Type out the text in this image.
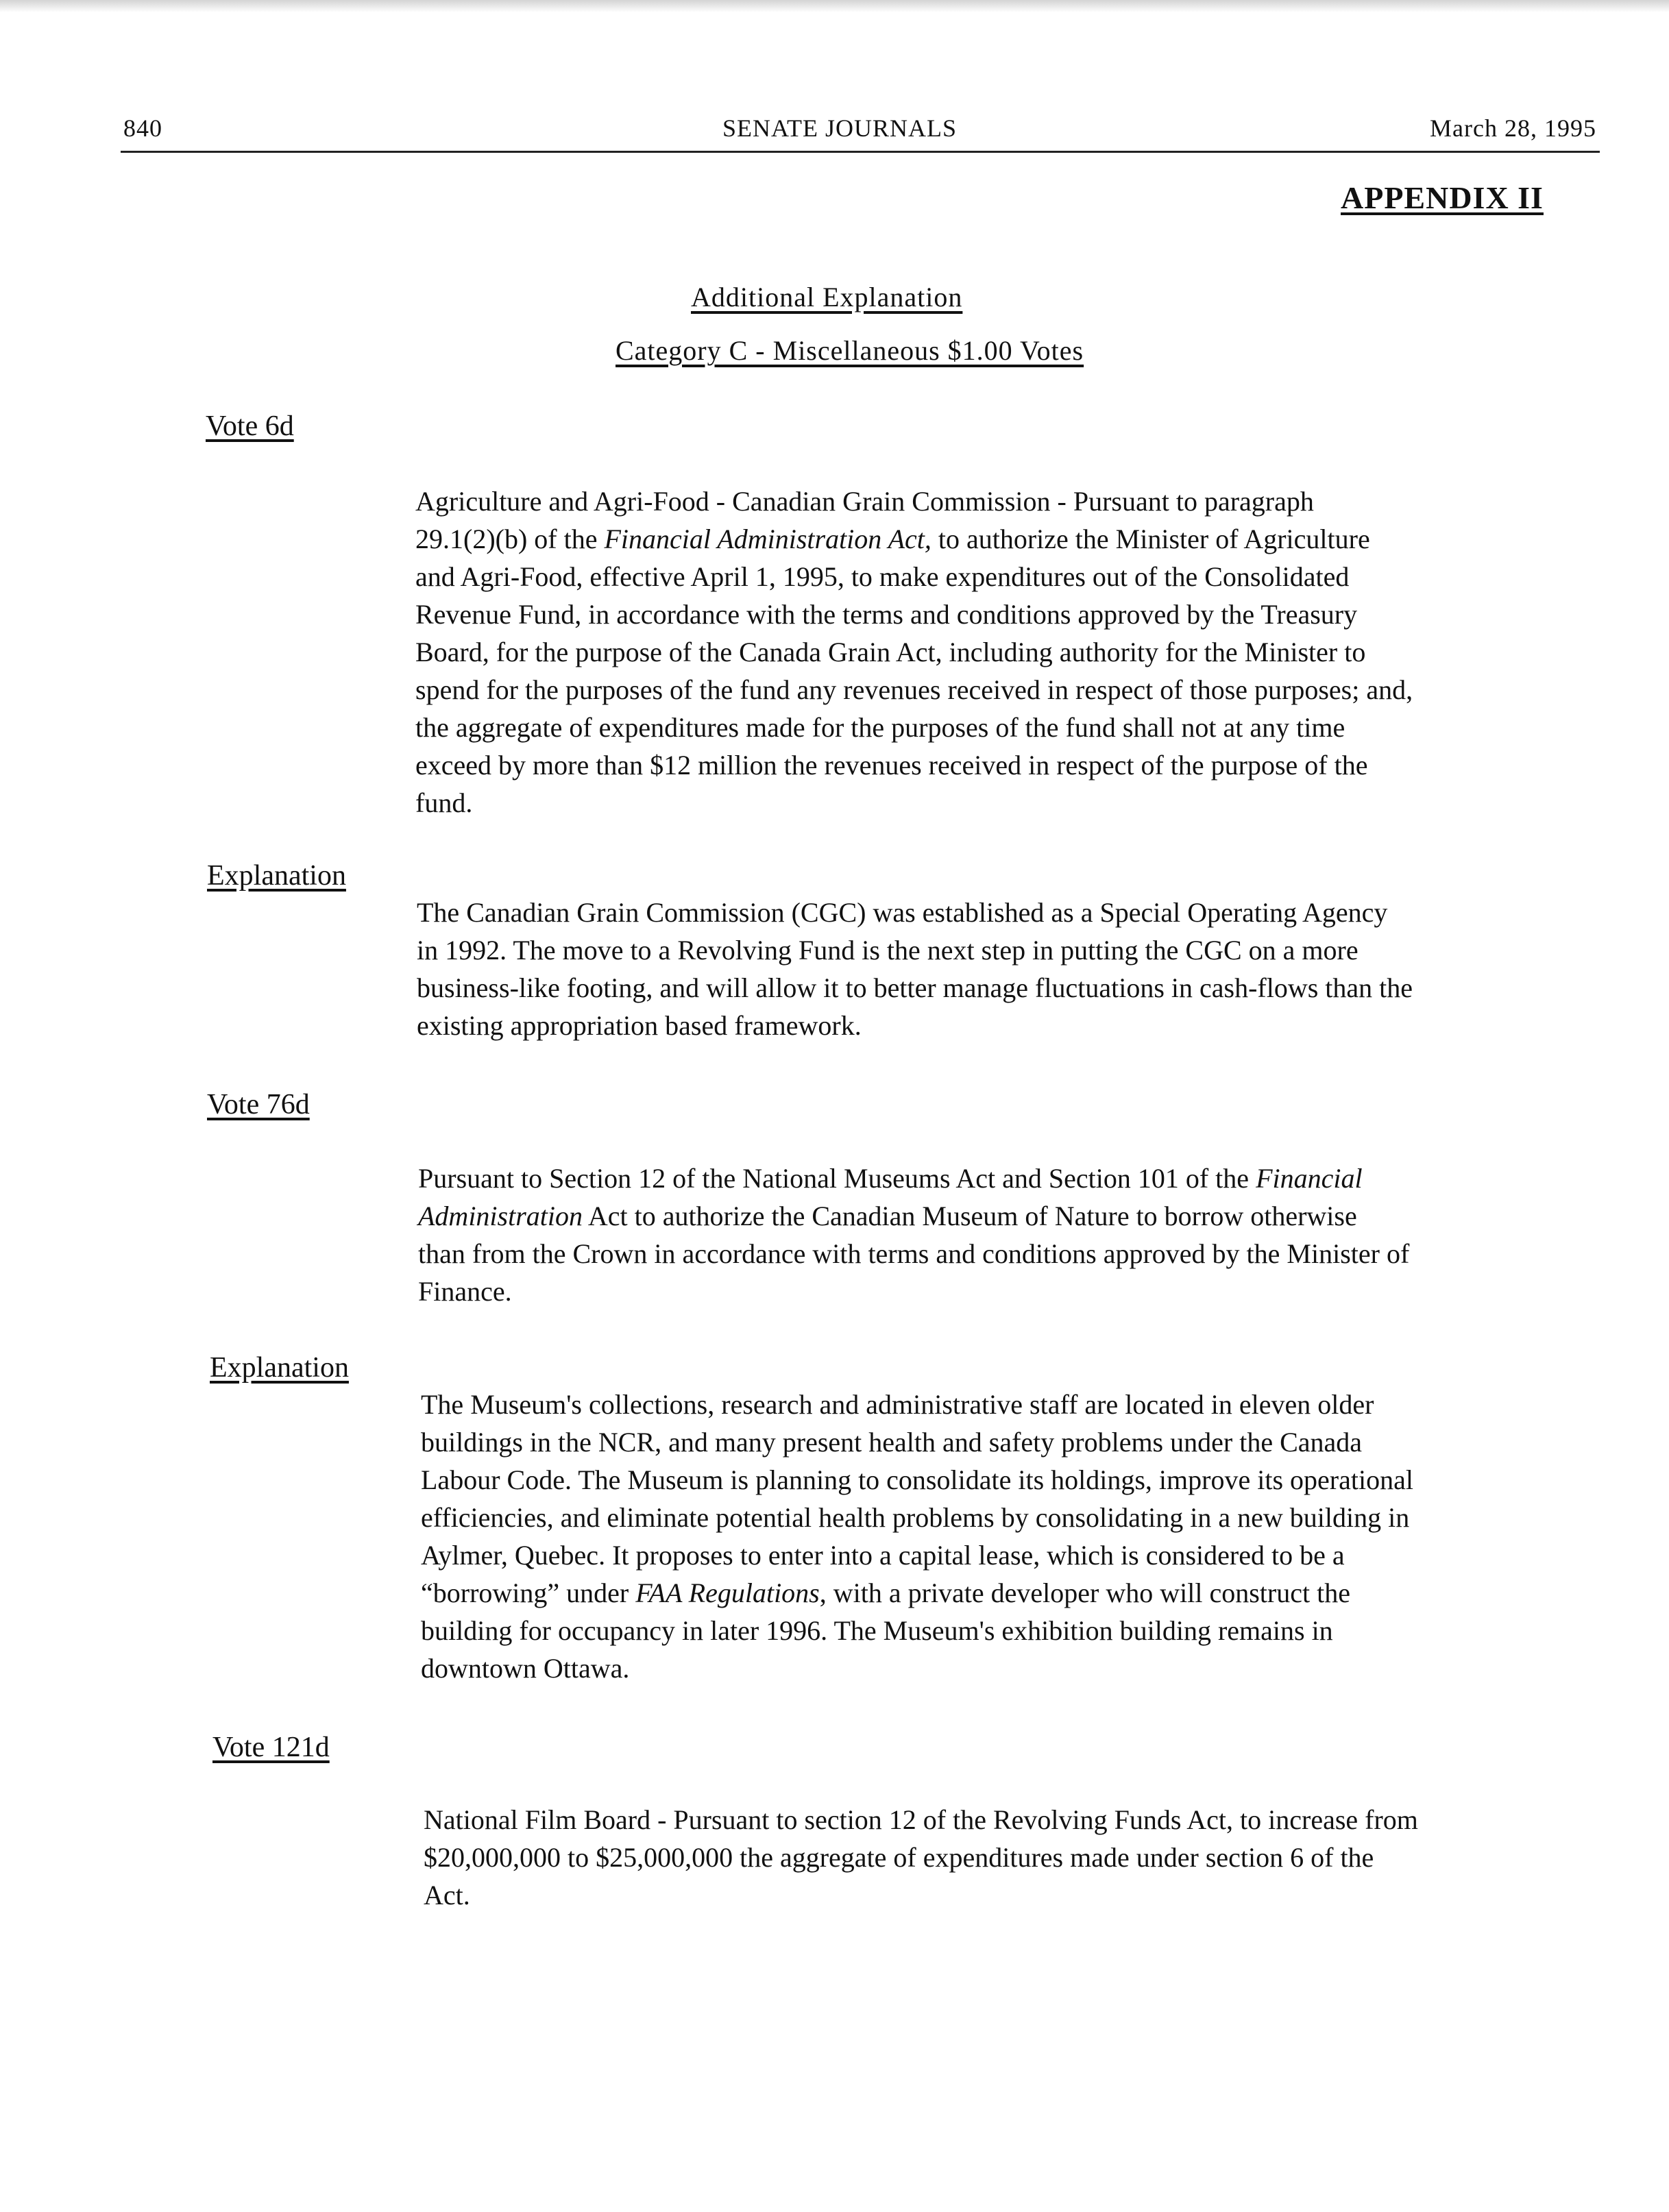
840	SENATE JOURNALS	March 28, 1995
APPENDIX II
Additional Explanation
Category C - Miscellaneous $1.00 Votes
Vote 6d
Agriculture and Agri-Food - Canadian Grain Commission - Pursuant to paragraph
29.1(2)(b) of the Financial Administration Act, to authorize the Minister of Agriculture
and Agri-Food, effective April 1, 1995, to make expenditures out of the Consolidated
Revenue Fund, in accordance with the terms and conditions approved by the Treasury
Board, for the purpose of the Canada Grain Act, including authority for the Minister to
spend for the purposes of the fund any revenues received in respect of those purposes; and,
the aggregate of expenditures made for the purposes of the fund shall not at any time
exceed by more than $12 million the revenues received in respect of the purpose of the
fund.
Explanation
The Canadian Grain Commission (CGC) was established as a Special Operating Agency
in 1992. The move to a Revolving Fund is the next step in putting the CGC on a more
business-like footing, and will allow it to better manage fluctuations in cash-flows than the
existing appropriation based framework.
Vote 76d
Pursuant to Section 12 of the National Museums Act and Section 101 of the Financial
Administration Act to authorize the Canadian Museum of Nature to borrow otherwise
than from the Crown in accordance with terms and conditions approved by the Minister of
Finance.
Explanation
The Museum's collections, research and administrative staff are located in eleven older
buildings in the NCR, and many present health and safety problems under the Canada
Labour Code. The Museum is planning to consolidate its holdings, improve its operational
efficiencies, and eliminate potential health problems by consolidating in a new building in
Aylmer, Quebec. It proposes to enter into a capital lease, which is considered to be a
“borrowing” under FAA Regulations, with a private developer who will construct the
building for occupancy in later 1996. The Museum's exhibition building remains in
downtown Ottawa.
Vote 121d
National Film Board - Pursuant to section 12 of the Revolving Funds Act, to increase from
$20,000,000 to $25,000,000 the aggregate of expenditures made under section 6 of the
Act.
